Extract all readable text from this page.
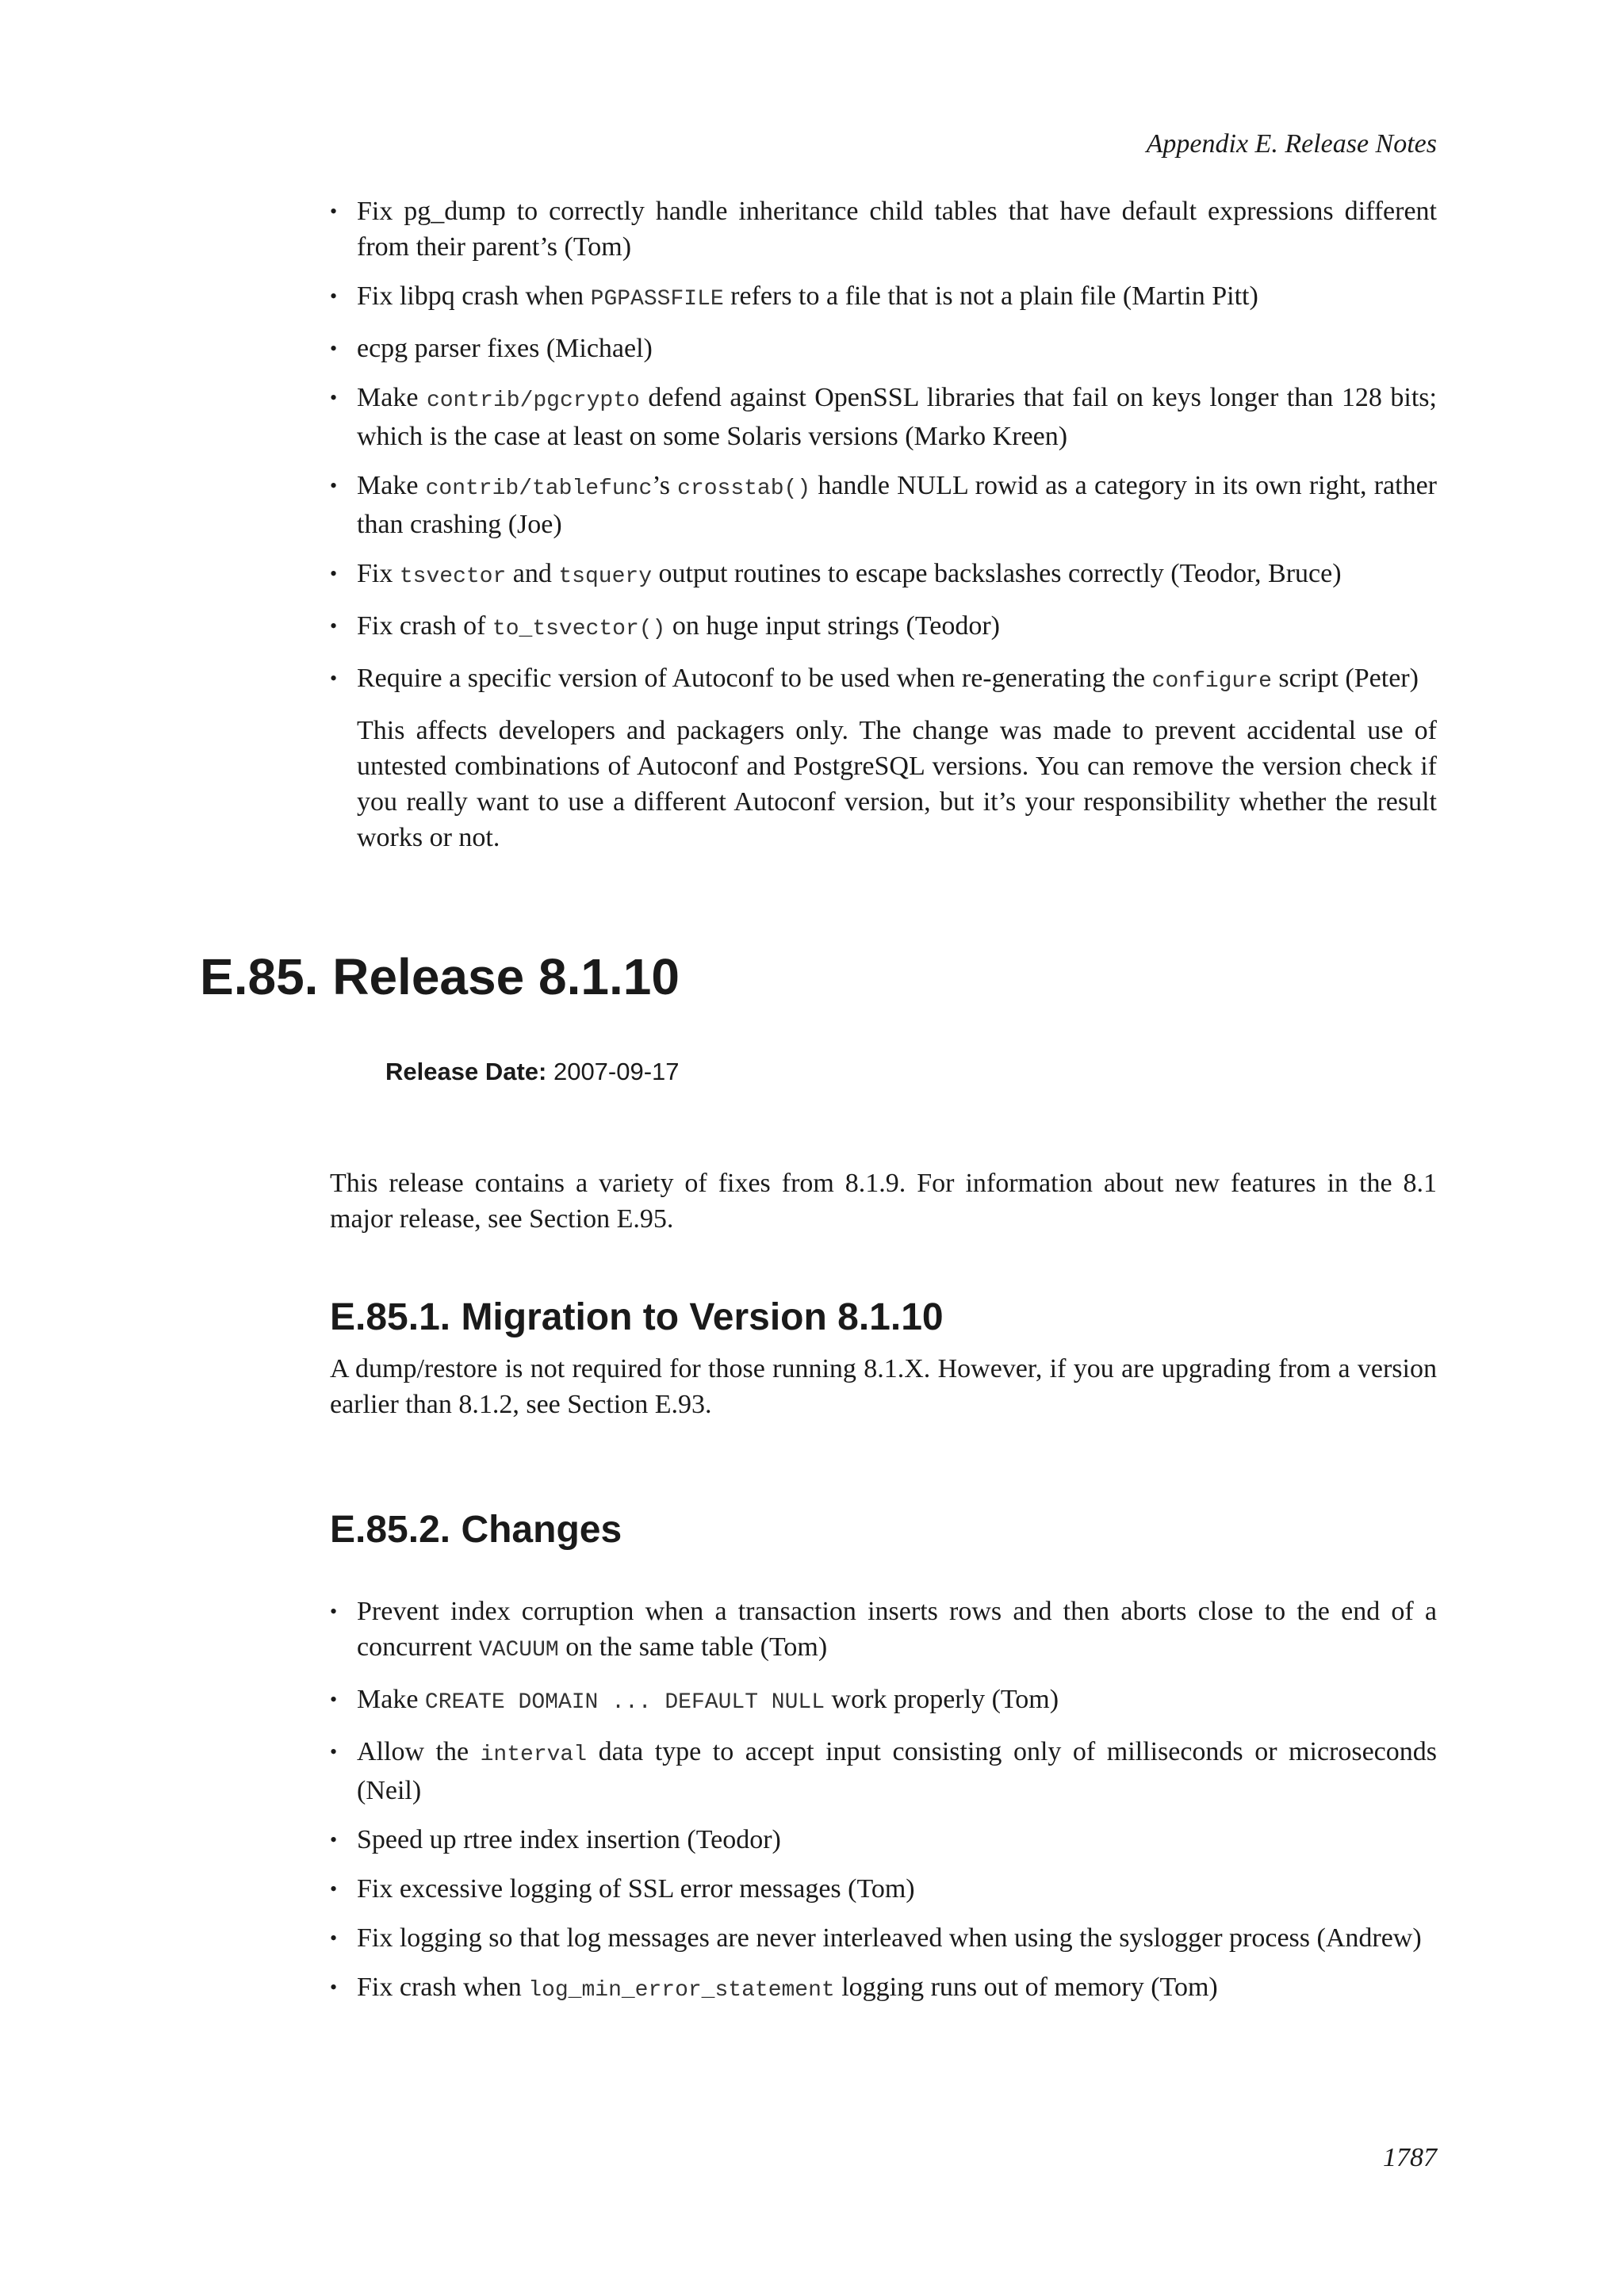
Appendix E. Release Notes
• Fix pg_dump to correctly handle inheritance child tables that have default expressions different from their parent’s (Tom)
• Fix libpq crash when PGPASSFILE refers to a file that is not a plain file (Martin Pitt)
• ecpg parser fixes (Michael)
• Make contrib/pgcrypto defend against OpenSSL libraries that fail on keys longer than 128 bits; which is the case at least on some Solaris versions (Marko Kreen)
• Make contrib/tablefunc’s crosstab() handle NULL rowid as a category in its own right, rather than crashing (Joe)
• Fix tsvector and tsquery output routines to escape backslashes correctly (Teodor, Bruce)
• Fix crash of to_tsvector() on huge input strings (Teodor)
• Require a specific version of Autoconf to be used when re-generating the configure script (Peter)

This affects developers and packagers only. The change was made to prevent accidental use of untested combinations of Autoconf and PostgreSQL versions. You can remove the version check if you really want to use a different Autoconf version, but it’s your responsibility whether the result works or not.

E.85. Release 8.1.10
Release Date: 2007-09-17

This release contains a variety of fixes from 8.1.9. For information about new features in the 8.1 major release, see Section E.95.

E.85.1. Migration to Version 8.1.10

A dump/restore is not required for those running 8.1.X. However, if you are upgrading from a version earlier than 8.1.2, see Section E.93.

E.85.2. Changes
• Prevent index corruption when a transaction inserts rows and then aborts close to the end of a concurrent VACUUM on the same table (Tom)
• Make CREATE DOMAIN ... DEFAULT NULL work properly (Tom)
• Allow the interval data type to accept input consisting only of milliseconds or microseconds (Neil)
• Speed up rtree index insertion (Teodor)
• Fix excessive logging of SSL error messages (Tom)
• Fix logging so that log messages are never interleaved when using the syslogger process (Andrew)
• Fix crash when log_min_error_statement logging runs out of memory (Tom)
1787
